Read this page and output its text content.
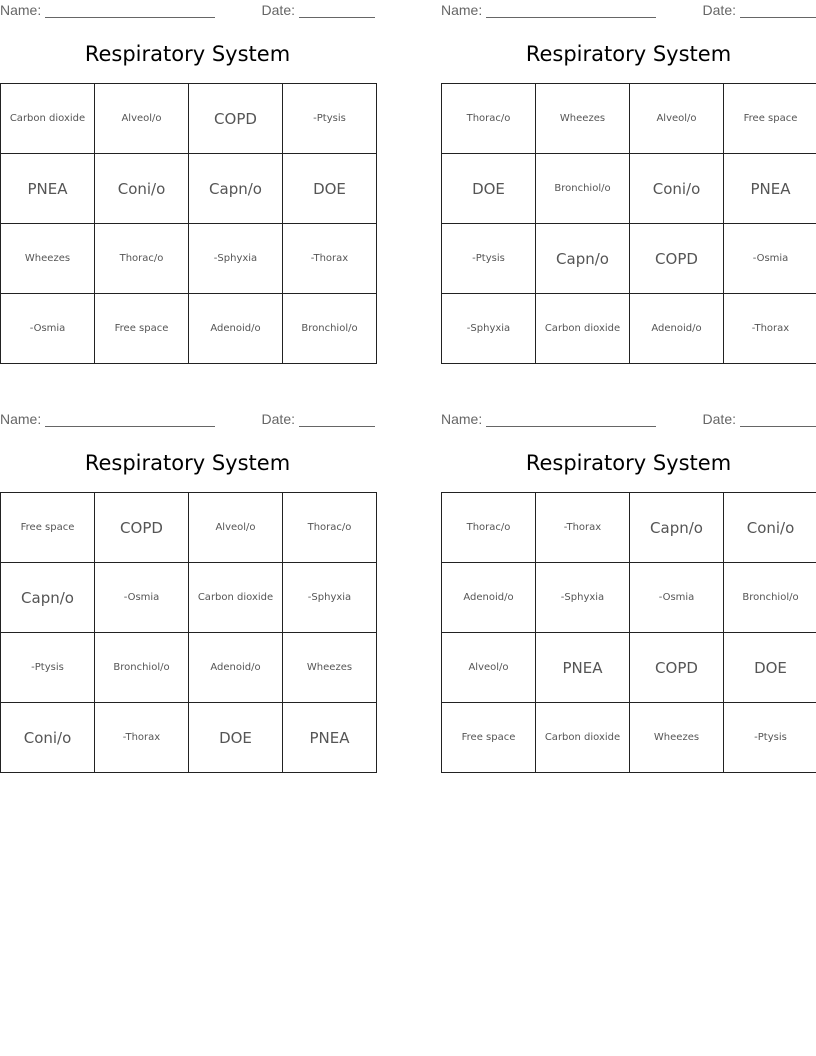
Name:	Date:
Respiratory System
Carbon dioxide	Alveol/o	COPD	-Ptysis
PNEA	Coni/o	Capn/o	DOE
Wheezes	Thorac/o	-Sphyxia	-Thorax
-Osmia	Free space	Adenoid/o	Bronchiol/o
Name:	Date:
Respiratory System
Thorac/o	Wheezes	Alveol/o	Free space
DOE	Bronchiol/o	Coni/o	PNEA
-Ptysis	Capn/o	COPD	-Osmia
-Sphyxia	Carbon dioxide	Adenoid/o	-Thorax
Name:	Date:
Respiratory System
Free space	COPD	Alveol/o	Thorac/o
Capn/o	-Osmia	Carbon dioxide	-Sphyxia
-Ptysis	Bronchiol/o	Adenoid/o	Wheezes
Coni/o	-Thorax	DOE	PNEA
Name:	Date:
Respiratory System
Thorac/o	-Thorax	Capn/o	Coni/o
Adenoid/o	-Sphyxia	-Osmia	Bronchiol/o
Alveol/o	PNEA	COPD	DOE
Free space	Carbon dioxide	Wheezes	-Ptysis
